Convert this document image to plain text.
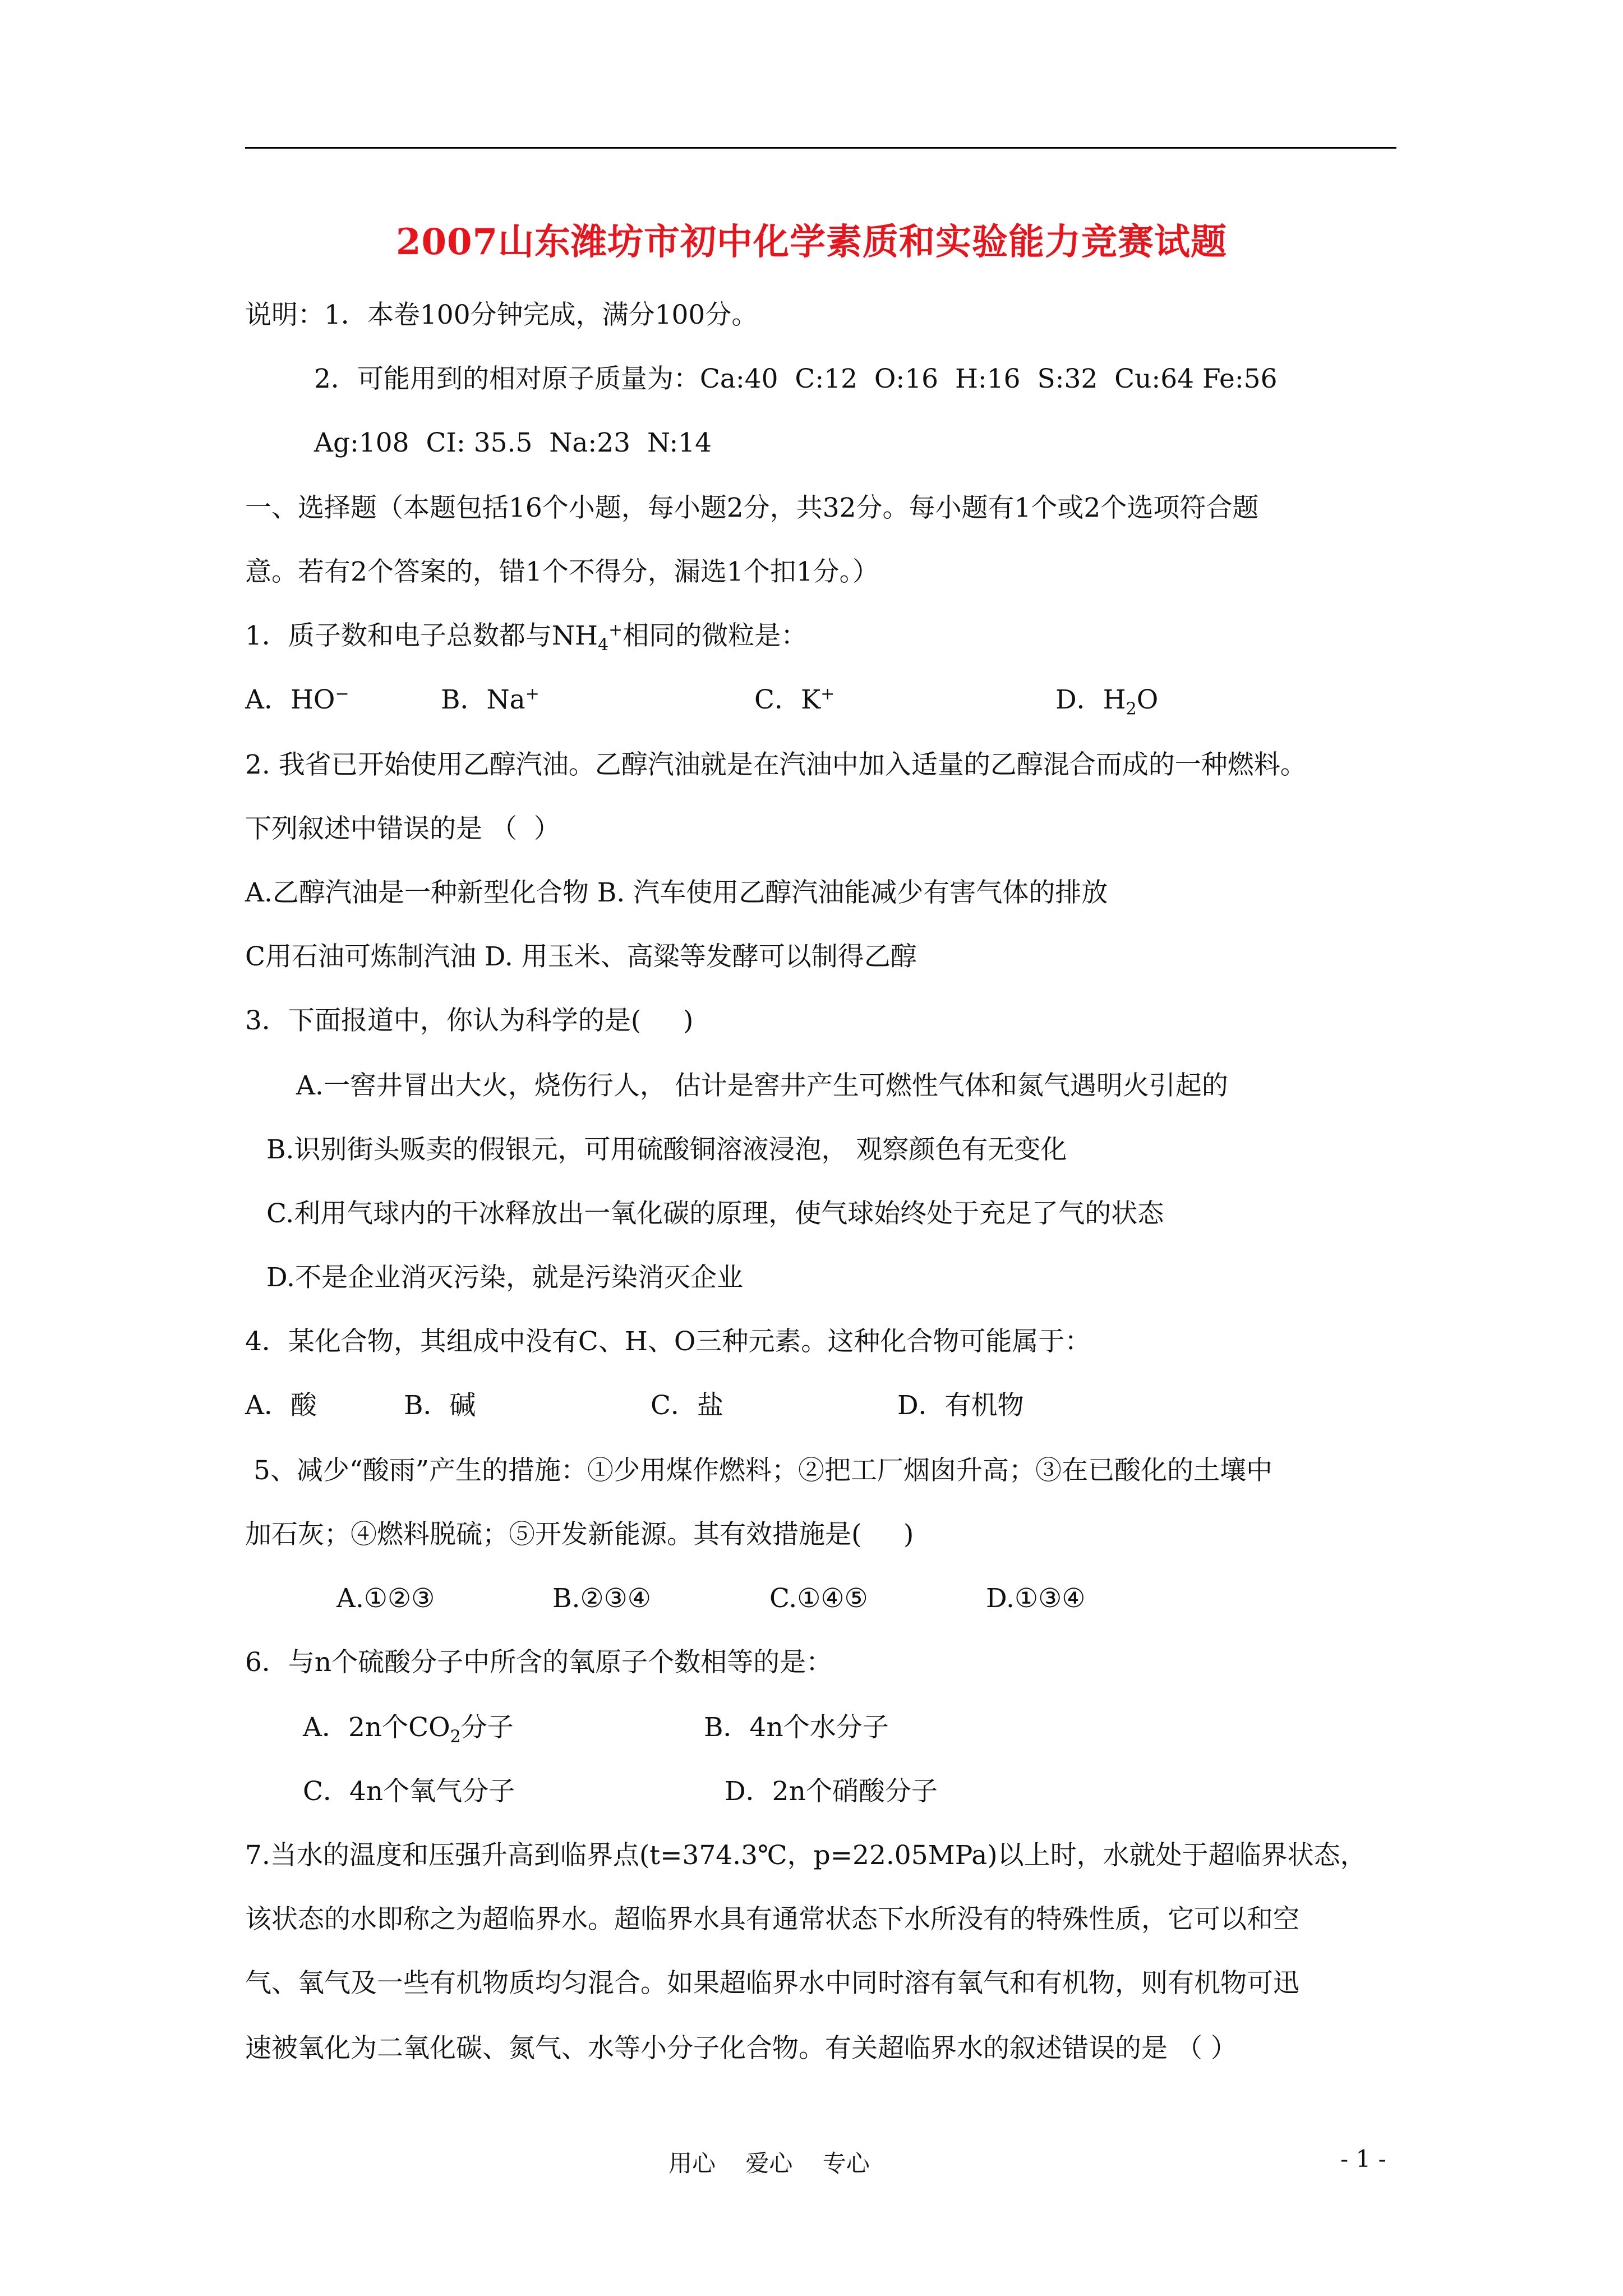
2007山东潍坊市初中化学素质和实验能力竞赛试题
说明：1．本卷100分钟完成，满分100分。
2．可能用到的相对原子质量为：Ca:40  C:12  O:16  H:16  S:32  Cu:64 Fe:56
Ag:108  CI: 35.5  Na:23  N:14
一、选择题（本题包括16个小题，每小题2分，共32分。每小题有1个或2个选项符合题
意。若有2个答案的，错1个不得分，漏选1个扣1分。）
1．质子数和电子总数都与$NH_4^+$相同的微粒是：
A．HO−	B．Na+	C．K+	D．$H_2O$
2. 我省已开始使用乙醇汽油。乙醇汽油就是在汽油中加入适量的乙醇混合而成的一种燃料。
下列叙述中错误的是 （  ）
A.乙醇汽油是一种新型化合物 B. 汽车使用乙醇汽油能减少有害气体的排放
C用石油可炼制汽油 D. 用玉米、高粱等发酵可以制得乙醇
3．下面报道中，你认为科学的是(     )
A.一窖井冒出大火，烧伤行人， 估计是窖井产生可燃性气体和氮气遇明火引起的
B.识别街头贩卖的假银元，可用硫酸铜溶液浸泡， 观察颜色有无变化
C.利用气球内的干冰释放出一氧化碳的原理，使气球始终处于充足了气的状态
D.不是企业消灭污染，就是污染消灭企业
4．某化合物，其组成中没有C、H、O三种元素。这种化合物可能属于：
A．酸	B．碱	C．盐	D．有机物
5、减少“酸雨”产生的措施：①少用煤作燃料；②把工厂烟囱升高；③在已酸化的土壤中
加石灰；④燃料脱硫；⑤开发新能源。其有效措施是(     )
A.①②③	B.②③④	C.①④⑤	D.①③④
6．与n个硫酸分子中所含的氧原子个数相等的是：
A．2n个$CO_2$分子	B．4n个水分子
C．4n个氧气分子	D．2n个硝酸分子
7.当水的温度和压强升高到临界点(t=374.3℃，p=22.05MPa)以上时，水就处于超临界状态，
该状态的水即称之为超临界水。超临界水具有通常状态下水所没有的特殊性质，它可以和空
气、氧气及一些有机物质均匀混合。如果超临界水中同时溶有氧气和有机物，则有机物可迅
速被氧化为二氧化碳、氮气、水等小分子化合物。有关超临界水的叙述错误的是 （ ）
用心    爱心    专心	- 1 -
